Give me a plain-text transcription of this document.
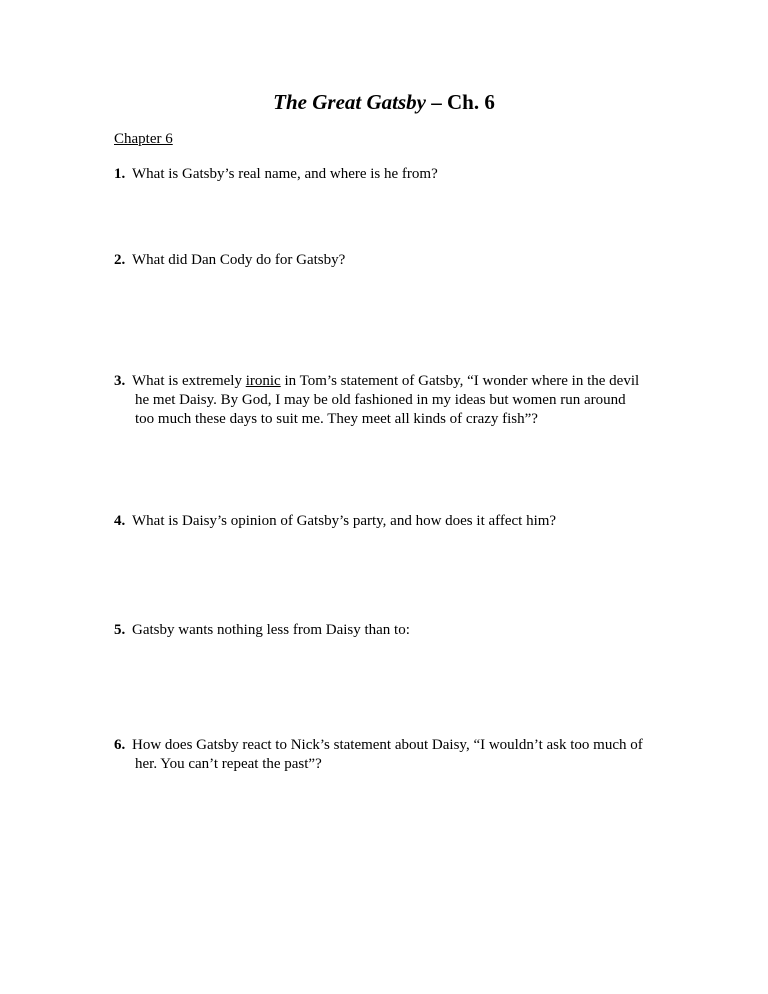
The Great Gatsby – Ch. 6
Chapter 6
1. What is Gatsby’s real name, and where is he from?
2. What did Dan Cody do for Gatsby?
3. What is extremely ironic in Tom’s statement of Gatsby, “I wonder where in the devil
he met Daisy. By God, I may be old fashioned in my ideas but women run around
too much these days to suit me. They meet all kinds of crazy fish”?
4. What is Daisy’s opinion of Gatsby’s party, and how does it affect him?
5. Gatsby wants nothing less from Daisy than to:
6. How does Gatsby react to Nick’s statement about Daisy, “I wouldn’t ask too much of
her. You can’t repeat the past”?
